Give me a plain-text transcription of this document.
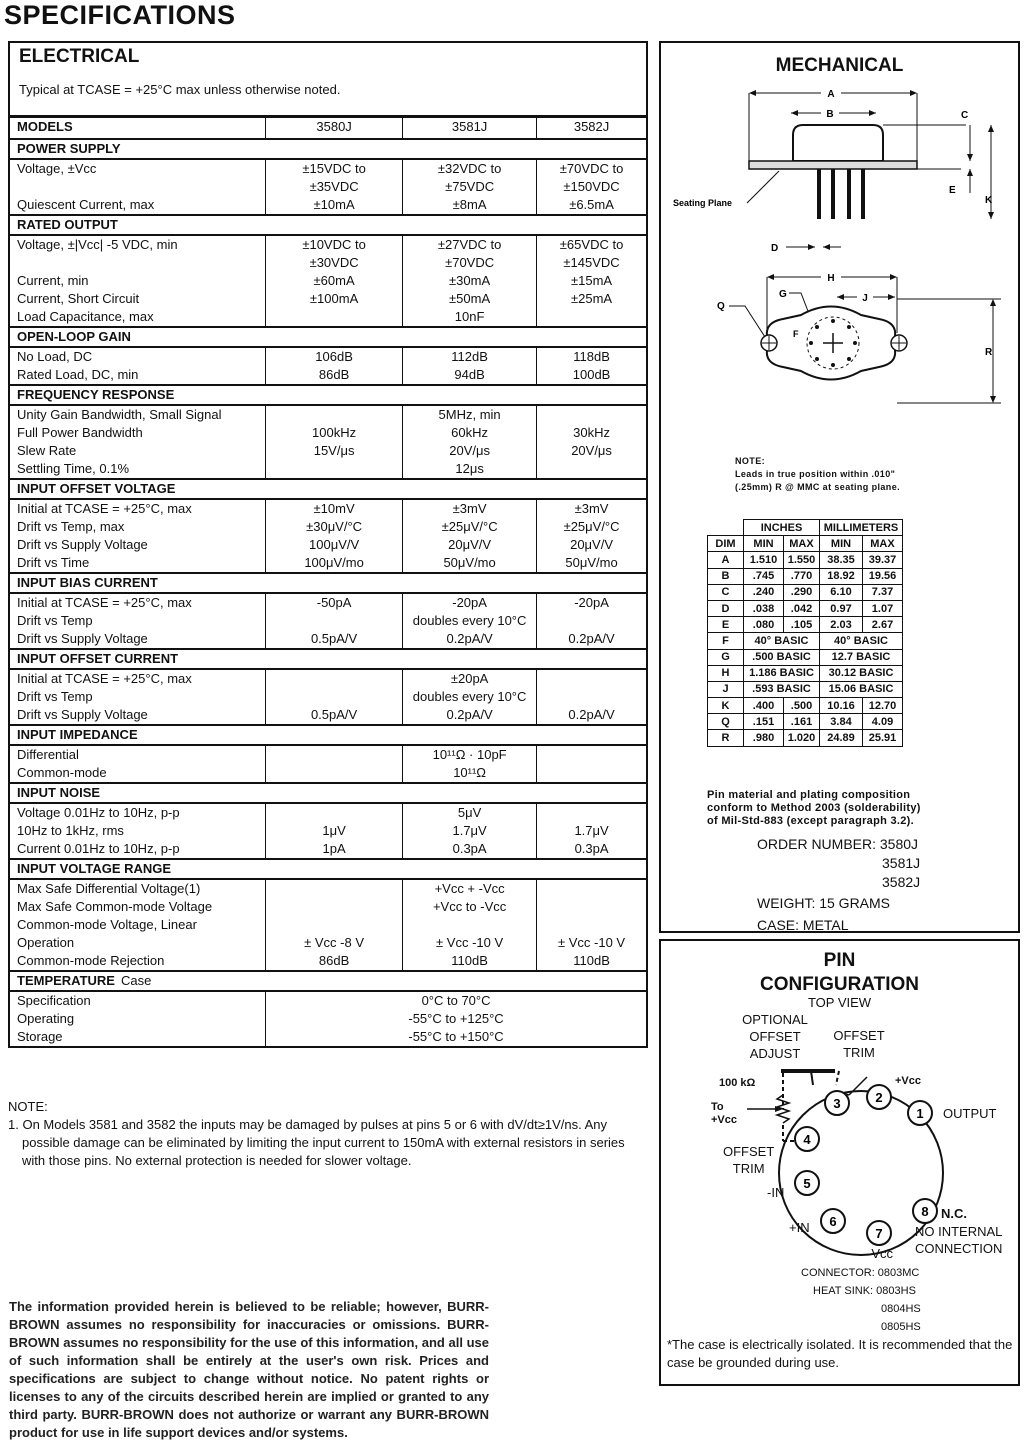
SPECIFICATIONS
ELECTRICAL
Typical at TCASE = +25°C max unless otherwise noted.
MODELS	3580J	3581J	3582J
POWER SUPPLY			
Voltage, ±Vcc	±15VDC to	±32VDC to	±70VDC to
	±35VDC	±75VDC	±150VDC
Quiescent Current, max	±10mA	±8mA	±6.5mA
RATED OUTPUT			
Voltage, ±|Vcc| -5 VDC, min	±10VDC to	±27VDC to	±65VDC to
	±30VDC	±70VDC	±145VDC
Current, min	±60mA	±30mA	±15mA
Current, Short Circuit	±100mA	±50mA	±25mA
Load Capacitance, max		10nF	
OPEN-LOOP GAIN			
No Load, DC	106dB	112dB	118dB
Rated Load, DC, min	86dB	94dB	100dB
FREQUENCY RESPONSE			
Unity Gain Bandwidth, Small Signal		5MHz, min	
Full Power Bandwidth	100kHz	60kHz	30kHz
Slew Rate	15V/μs	20V/μs	20V/μs
Settling Time, 0.1%		12μs	
INPUT OFFSET VOLTAGE			
Initial at TCASE = +25°C, max	±10mV	±3mV	±3mV
Drift vs Temp, max	±30μV/°C	±25μV/°C	±25μV/°C
Drift vs Supply Voltage	100μV/V	20μV/V	20μV/V
Drift vs Time	100μV/mo	50μV/mo	50μV/mo
INPUT BIAS CURRENT			
Initial at TCASE = +25°C, max	-50pA	-20pA	-20pA
Drift vs Temp		doubles every 10°C	
Drift vs Supply Voltage	0.5pA/V	0.2pA/V	0.2pA/V
INPUT OFFSET CURRENT			
Initial at TCASE = +25°C, max		±20pA	
Drift vs Temp		doubles every 10°C	
Drift vs Supply Voltage	0.5pA/V	0.2pA/V	0.2pA/V
INPUT IMPEDANCE			
Differential		10¹¹Ω · 10pF	
Common-mode		10¹¹Ω	
INPUT NOISE			
Voltage 0.01Hz to 10Hz, p-p		5μV	
10Hz to 1kHz, rms	1μV	1.7μV	1.7μV
Current 0.01Hz to 10Hz, p-p	1pA	0.3pA	0.3pA
INPUT VOLTAGE RANGE			
Max Safe Differential Voltage(1)		+Vcc + -Vcc	
Max Safe Common-mode Voltage		+Vcc to -Vcc	
Common-mode Voltage, Linear			
Operation	± Vcc -8 V	± Vcc -10 V	± Vcc -10 V
Common-mode Rejection	86dB	110dB	110dB
TEMPERATURE Case			
Specification	0°C to 70°C		
Operating	-55°C to +125°C		
Storage	-55°C to +150°C		
NOTE:
1. On Models 3581 and 3582 the inputs may be damaged by pulses at pins 5 or 6 with dV/dt≥1V/ns. Any possible damage can be eliminated by limiting the input current to 150mA with external resistors in series with those pins. No external protection is needed for slower voltage.
The information provided herein is believed to be reliable; however, BURR-BROWN assumes no responsibility for inaccuracies or omissions. BURR-BROWN assumes no responsibility for the use of this information, and all use of such information shall be entirely at the user's own risk. Prices and specifications are subject to change without notice. No patent rights or licenses to any of the circuits described herein are implied or granted to any third party. BURR-BROWN does not authorize or warrant any BURR-BROWN product for use in life support devices and/or systems.
MECHANICAL
A
B	C
K
E
Seating Plane
D
H
J
G
F
Q
R
NOTE:
Leads in true position within .010"
(.25mm) R @ MMC at seating plane.
	INCHES		MILLIMETERS	
DIM	MIN	MAX	MIN	MAX
A	1.510	1.550	38.35	39.37
B	.745	.770	18.92	19.56
C	.240	.290	6.10	7.37
D	.038	.042	0.97	1.07
E	.080	.105	2.03	2.67
F	40° BASIC		40° BASIC	
G	.500 BASIC		12.7 BASIC	
H	1.186 BASIC		30.12 BASIC	
J	.593 BASIC		15.06 BASIC	
K	.400	.500	10.16	12.70
Q	.151	.161	3.84	4.09
R	.980	1.020	24.89	25.91
Pin material and plating composition
conform to Method 2003 (solderability)
of Mil-Std-883 (except paragraph 3.2).
ORDER NUMBER: 3580J
3581J
3582J
WEIGHT: 15 GRAMS
CASE: METAL
PIN
CONFIGURATION
TOP VIEW
OPTIONAL
OFFSET
ADJUST
OFFSET
TRIM
1
2
3
4
5
6
7
8
100 kΩ
To
+Vcc
+Vcc
OUTPUT
OFFSET
TRIM
-IN
+IN
-Vcc
N.C.
NO INTERNAL
CONNECTION
CONNECTOR: 0803MC
HEAT SINK: 0803HS
0804HS
0805HS
*The case is electrically isolated. It is recommended that the case be grounded during use.
